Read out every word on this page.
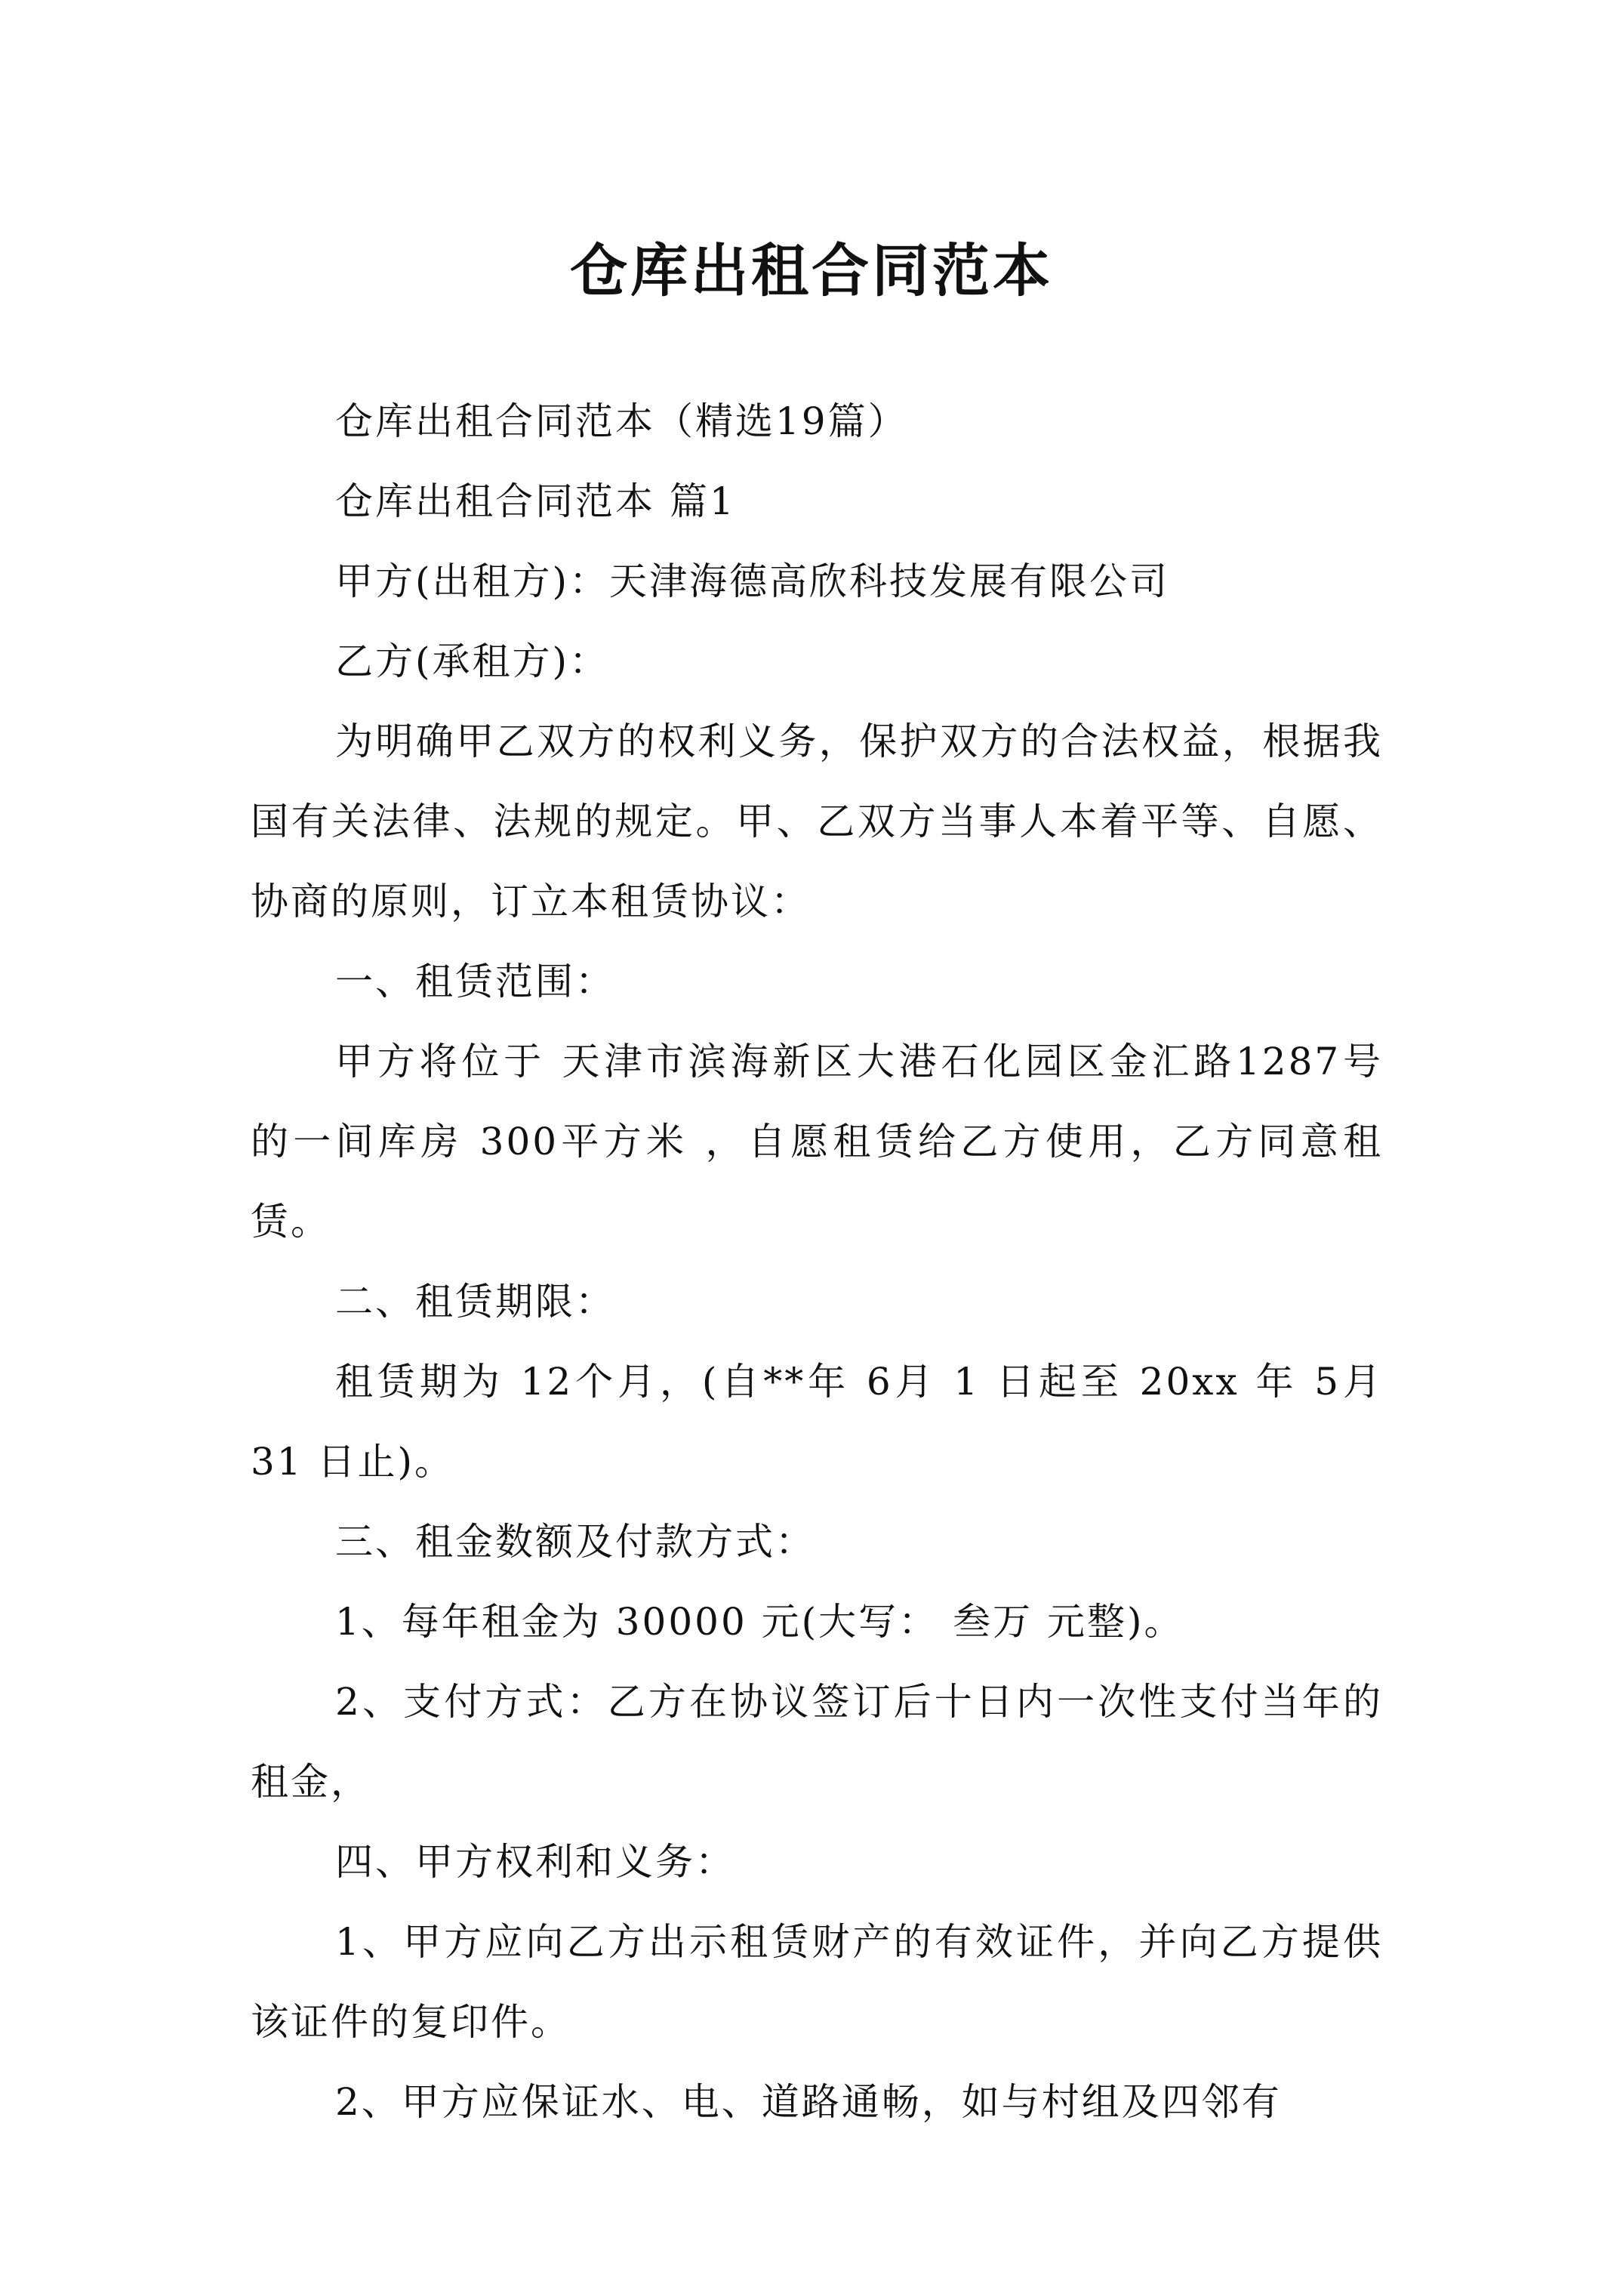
仓库出租合同范本

仓库出租合同范本（精选19篇）

仓库出租合同范本 篇1

甲方(出租方)：天津海德高欣科技发展有限公司

乙方(承租方)：

为明确甲乙双方的权利义务，保护双方的合法权益，根据我国有关法律、法规的规定。甲、乙双方当事人本着平等、自愿、协商的原则，订立本租赁协议：

一、租赁范围：

甲方将位于 天津市滨海新区大港石化园区金汇路1287号 的一间库房 300平方米 ，自愿租赁给乙方使用，乙方同意租赁。

二、租赁期限：

租赁期为 12个月，(自**年 6月 1 日起至 20xx 年 5月 31 日止)。

三、租金数额及付款方式：

1、每年租金为 30000 元(大写： 叁万 元整)。

2、支付方式：乙方在协议签订后十日内一次性支付当年的租金，

四、甲方权利和义务：

1、甲方应向乙方出示租赁财产的有效证件，并向乙方提供该证件的复印件。

2、甲方应保证水、电、道路通畅，如与村组及四邻有
